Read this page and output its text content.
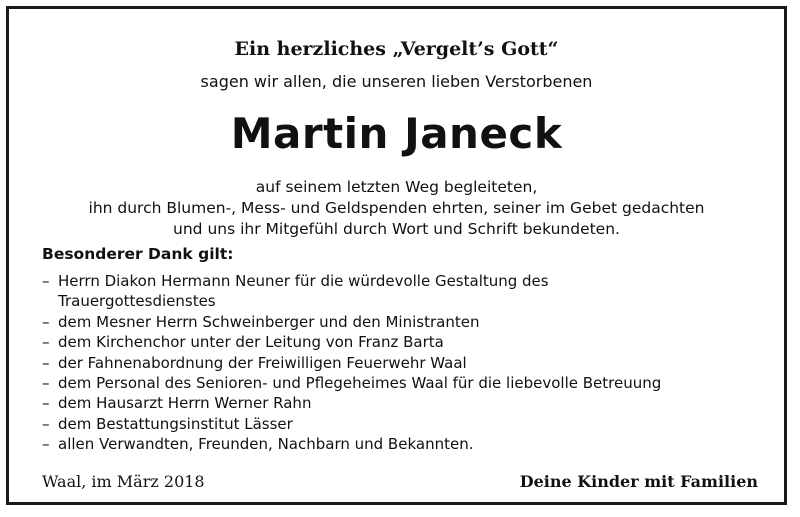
Ein herzliches „Vergelt’s Gott“
sagen wir allen, die unseren lieben Verstorbenen
Martin Janeck
auf seinem letzten Weg begleiteten,
ihn durch Blumen-, Mess- und Geldspenden ehrten, seiner im Gebet gedachten
und uns ihr Mitgefühl durch Wort und Schrift bekundeten.
Besonderer Dank gilt:
– Herrn Diakon Hermann Neuner für die würdevolle Gestaltung des
Trauergottesdienstes
– dem Mesner Herrn Schweinberger und den Ministranten
– dem Kirchenchor unter der Leitung von Franz Barta
– der Fahnenabordnung der Freiwilligen Feuerwehr Waal
– dem Personal des Senioren- und Pflegeheimes Waal für die liebevolle Betreuung
– dem Hausarzt Herrn Werner Rahn
– dem Bestattungsinstitut Lässer
– allen Verwandten, Freunden, Nachbarn und Bekannten.
Waal, im März 2018	Deine Kinder mit Familien
